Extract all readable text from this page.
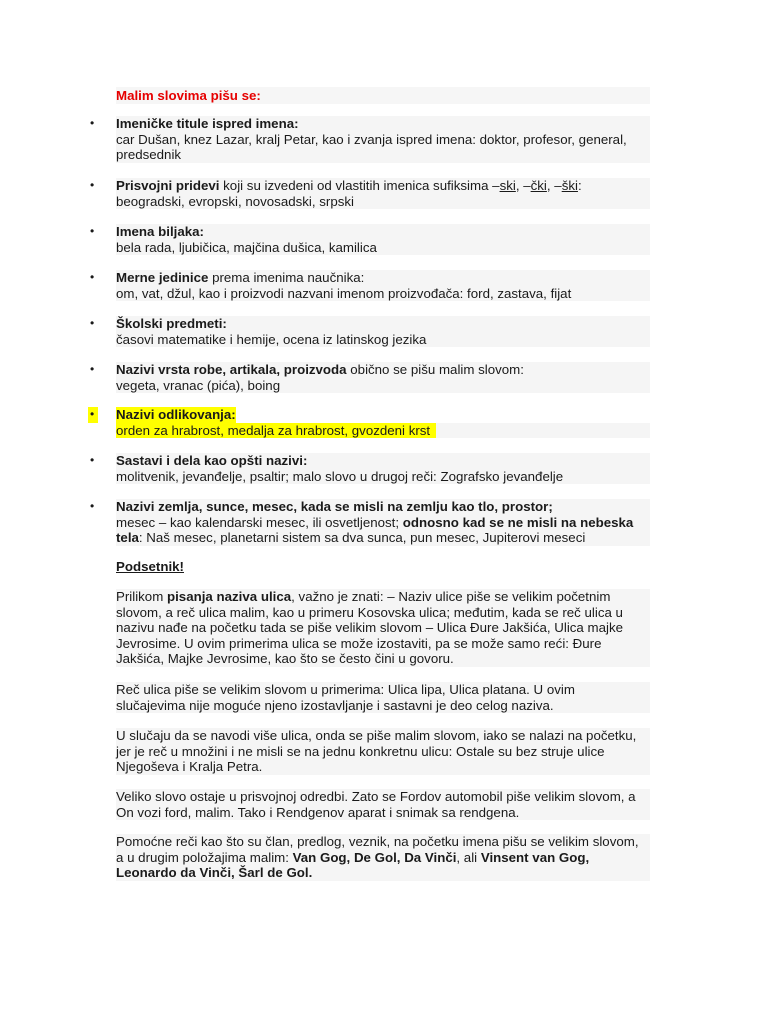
Malim slovima pišu se:
• Imeničke titule ispred imena:
car Dušan, knez Lazar, kralj Petar, kao i zvanja ispred imena: doktor, profesor, general,
predsednik
• Prisvojni pridevi koji su izvedeni od vlastitih imenica sufiksima –ski, –čki, –ški:
beogradski, evropski, novosadski, srpski
• Imena biljaka:
bela rada, ljubičica, majčina dušica, kamilica
• Merne jedinice prema imenima naučnika:
om, vat, džul, kao i proizvodi nazvani imenom proizvođača: ford, zastava, fijat
• Školski predmeti:
časovi matematike i hemije, ocena iz latinskog jezika
• Nazivi vrsta robe, artikala, proizvoda obično se pišu malim slovom:
vegeta, vranac (pića), boing
•	Nazivi odlikovanja:

orden za hrabrost, medalja za hrabrost, gvozdeni krst
• Sastavi i dela kao opšti nazivi:
molitvenik, jevanđelje, psaltir; malo slovo u drugoj reči: Zografsko jevanđelje
• Nazivi zemlja, sunce, mesec, kada se misli na zemlju kao tlo, prostor;
mesec – kao kalendarski mesec, ili osvetljenost; odnosno kad se ne misli na nebeska
tela: Naš mesec, planetarni sistem sa dva sunca, pun mesec, Jupiterovi meseci
Podsetnik!
Prilikom pisanja naziva ulica, važno je znati: – Naziv ulice piše se velikim početnim
slovom, a reč ulica malim, kao u primeru Kosovska ulica; međutim, kada se reč ulica u
nazivu nađe na početku tada se piše velikim slovom – Ulica Đure Jakšića, Ulica majke
Jevrosime. U ovim primerima ulica se može izostaviti, pa se može samo reći: Đure
Jakšića, Majke Jevrosime, kao što se često čini u govoru.
Reč ulica piše se velikim slovom u primerima: Ulica lipa, Ulica platana. U ovim
slučajevima nije moguće njeno izostavljanje i sastavni je deo celog naziva.
U slučaju da se navodi više ulica, onda se piše malim slovom, iako se nalazi na početku,
jer je reč u množini i ne misli se na jednu konkretnu ulicu: Ostale su bez struje ulice
Njegoševa i Kralja Petra.
Veliko slovo ostaje u prisvojnoj odredbi. Zato se Fordov automobil piše velikim slovom, a
On vozi ford, malim. Tako i Rendgenov aparat i snimak sa rendgena.
Pomoćne reči kao što su član, predlog, veznik, na početku imena pišu se velikim slovom,
a u drugim položajima malim: Van Gog, De Gol, Da Vinči, ali Vinsent van Gog,
Leonardo da Vinči, Šarl de Gol.
